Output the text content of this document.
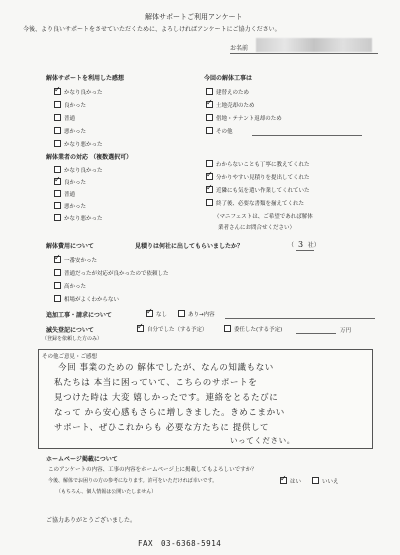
解体サポートご利用アンケート
今後、より良いサポートをさせていただくために、よろしければアンケートにご協力ください。
お名前
解体サポートを利用した感想
✓かなり良かった
良かった
普通
悪かった
かなり悪かった
今回の解体工事は
建替えのため
✓土地売却のため
借地・テナント返却のため
その他
解体業者の対応 （複数選択可）
かなり良かった
✓良かった
普通
悪かった
かなり悪かった
わからないことも丁寧に教えてくれた
✓分かりやすい見積りを提出してくれた
✓近隣にも気を遣い作業してくれていた
終了後、必要な書類を揃えてくれた
（マニフェストは、ご希望であれば解体
業者さんにお問合せください）
解体費用について	見積りは何社に出してもらいましたか？	（ 3 社）
✓一番安かった
普通だったが対応が良かったので依頼した
高かった
相場がよくわからない
追加工事・請求について
✓	なし	あり→内容
滅失登記について
（登録を依頼した方のみ）
✓自分でした（する予定）	委任した(する予定)	万円
その他ご意見・ご感想
今回 事業のための 解体でしたが、なんの知識もない
私たちは 本当に困っていて、こちらのサポートを
見つけた時は 大変 嬉しかったです。連絡をとるたびに
なって から安心感もさらに増しきました。きめこまかい
サポート、ぜひこれからも 必要な方たちに 提供して
いってください。
ホームページ掲載について
このアンケートの内容、工事の内容をホームページ上に掲載してもよろしいですか？
今後、解体でお困りの方の参考になります。許可をいただければ幸いです。
（もちろん、個人情報は公開いたしません）
✓はい	いいえ
ご協力ありがとうございました。
FAX　03-6368-5914
